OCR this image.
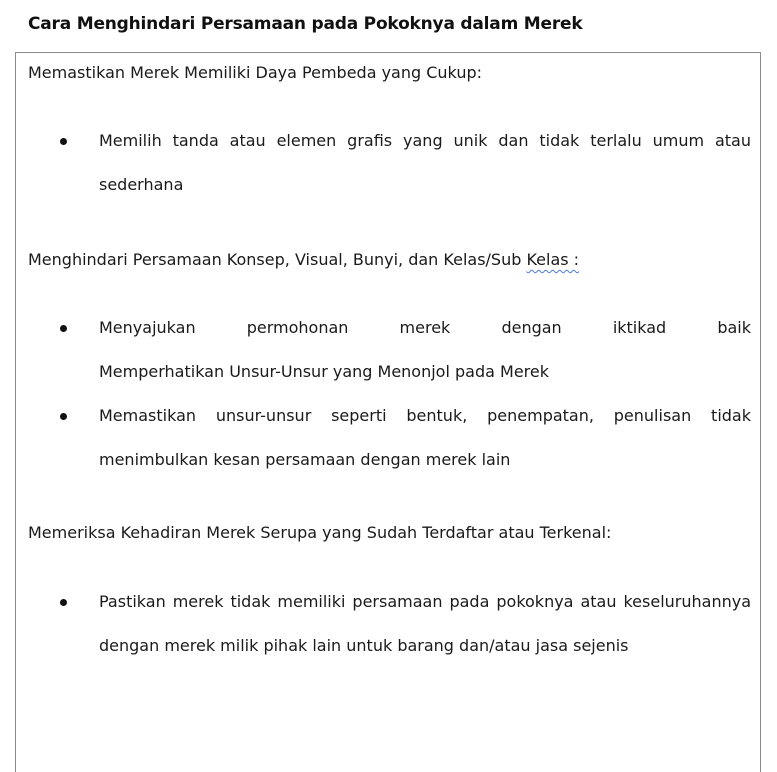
Cara Menghindari Persamaan pada Pokoknya dalam Merek
Memastikan Merek Memiliki Daya Pembeda yang Cukup:
Memilih tanda atau elemen grafis yang unik dan tidak terlalu umum atau sederhana
Menghindari Persamaan Konsep, Visual, Bunyi, dan Kelas/Sub Kelas :
Menyajukan permohonan merek dengan iktikad baik
Memperhatikan Unsur-Unsur yang Menonjol pada Merek
Memastikan unsur-unsur seperti bentuk, penempatan, penulisan tidak menimbulkan kesan persamaan dengan merek lain
Memeriksa Kehadiran Merek Serupa yang Sudah Terdaftar atau Terkenal:
Pastikan merek tidak memiliki persamaan pada pokoknya atau keseluruhannya dengan merek milik pihak lain untuk barang dan/atau jasa sejenis
